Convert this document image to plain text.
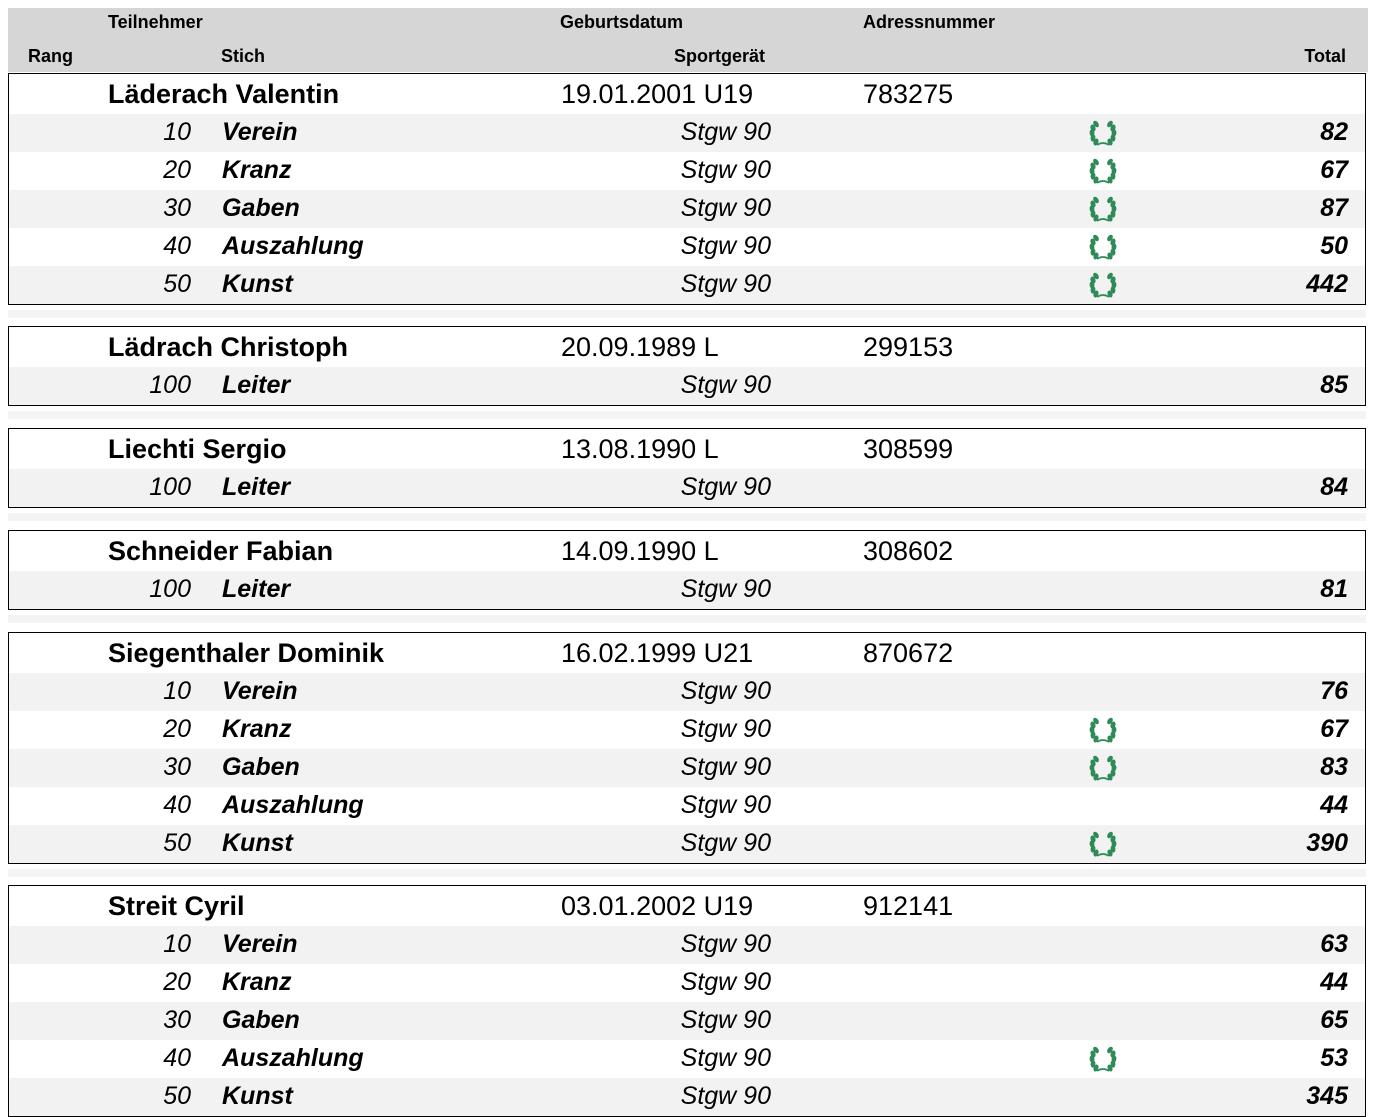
Teilnehmer	Geburtsdatum	Adressnummer
Rang	Stich	Sportgerät	Total
Läderach Valentin	19.01.2001 U19	783275
10 Verein	Stgw 90	82
20 Kranz	Stgw 90	67
30 Gaben	Stgw 90	87
40 Auszahlung	Stgw 90	50
50 Kunst	Stgw 90	442
Lädrach Christoph	20.09.1989 L	299153
100 Leiter	Stgw 90	85
Liechti Sergio	13.08.1990 L	308599
100 Leiter	Stgw 90	84
Schneider Fabian	14.09.1990 L	308602
100 Leiter	Stgw 90	81
Siegenthaler Dominik	16.02.1999 U21	870672
10 Verein	Stgw 90	76
20 Kranz	Stgw 90	67
30 Gaben	Stgw 90	83
40 Auszahlung	Stgw 90	44
50 Kunst	Stgw 90	390
Streit Cyril	03.01.2002 U19	912141
10 Verein	Stgw 90	63
20 Kranz	Stgw 90	44
30 Gaben	Stgw 90	65
40 Auszahlung	Stgw 90	53
50 Kunst	Stgw 90	345
